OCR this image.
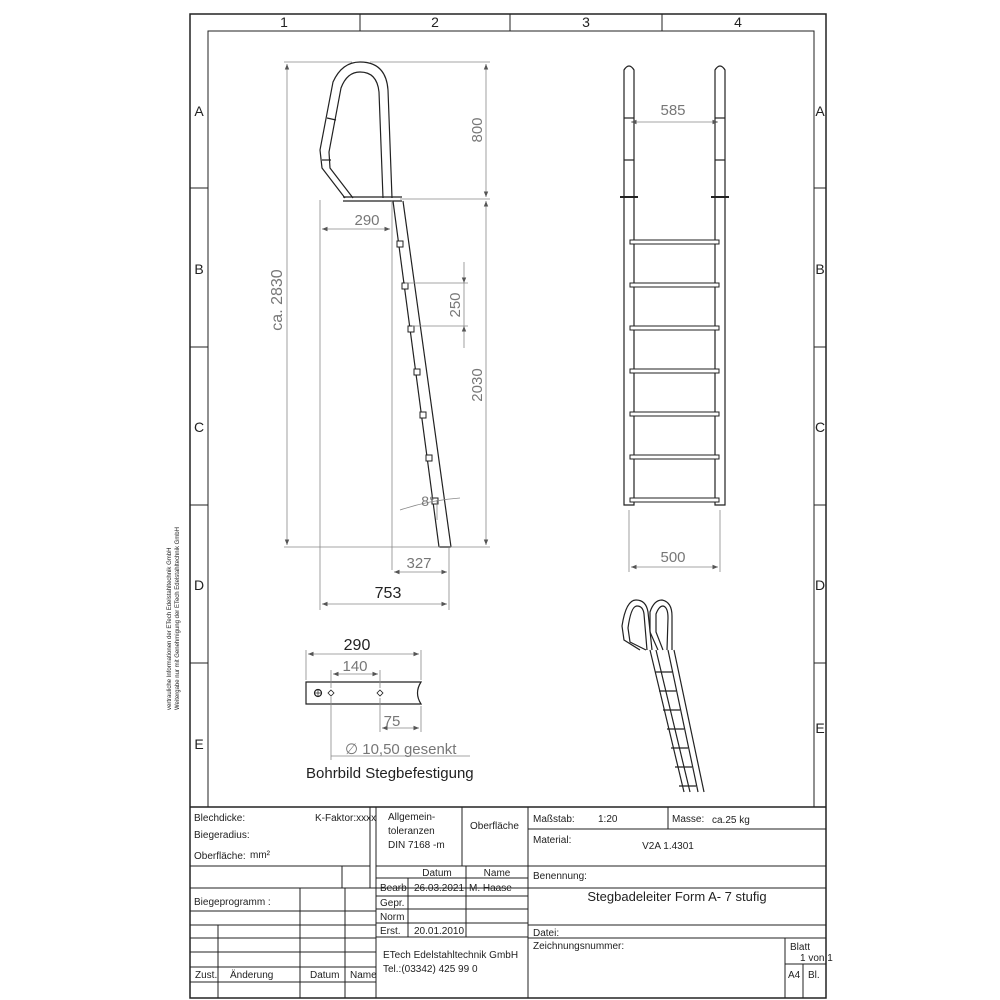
1	2	3	4
A
B
C
D
E
A
B
C
D
E
vertrauliche Informationen der ETech Edelstahltechnik GmbH Weitergabe nur mit Genehmigung der ETech Edelstahltechnik GmbH
ca. 2830
800
2030
250
290
8°
327
753
585
500
290
140
75
∅ 10,50 gesenkt
Bohrbild Stegbefestigung
Blechdicke:	K-Faktor:xxxx
Biegeradius:
Oberfläche: mm²
Biegeprogramm :
Zust. Änderung	Datum Name
Allgemein-
toleranzen
DIN 7168 -m
Oberfläche
Datum	Name
Bearb. 26.03.2021 M. Haase
Gepr.
Norm
Erst. 20.01.2010
ETech Edelstahltechnik GmbH
Tel.:(03342) 425 99 0
Maßstab: 1:20	Masse: ca.25 kg
Material:
V2A 1.4301
Benennung:
Stegbadeleiter Form A- 7 stufig
Datei:
Zeichnungsnummer:	Blatt
1 von 1
A4 Bl.
